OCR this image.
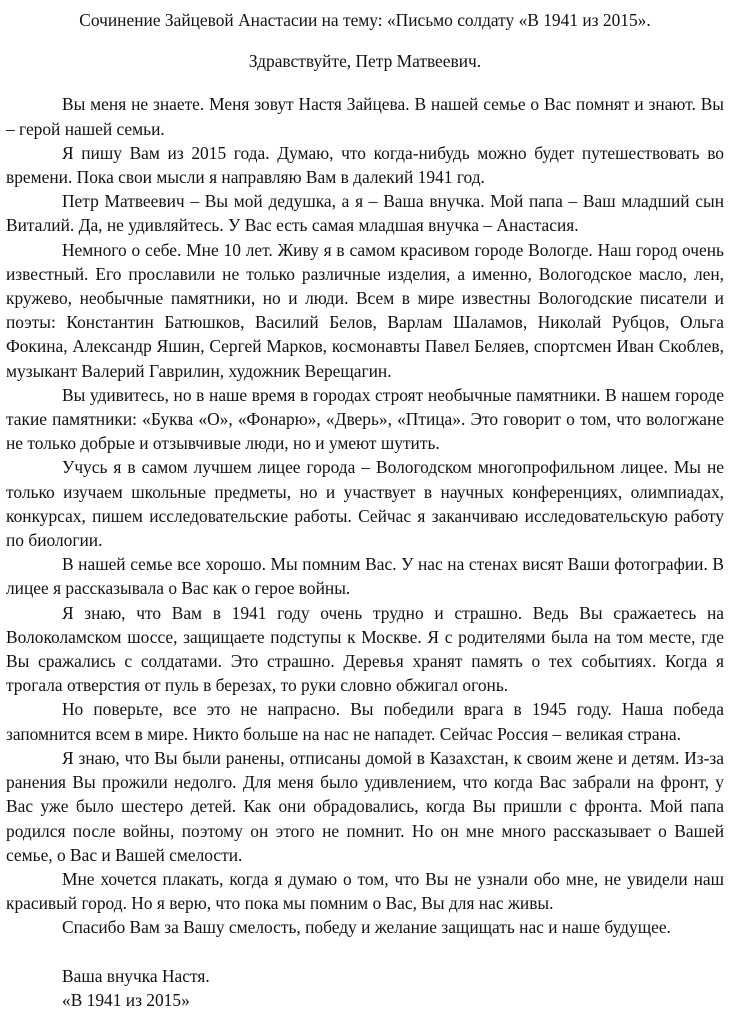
Сочинение Зайцевой Анастасии на тему: «Письмо солдату «В 1941 из 2015».

Здравствуйте, Петр Матвеевич.

Вы меня не знаете. Меня зовут Настя Зайцева. В нашей семье о Вас помнят и знают. Вы – герой нашей семьи.

Я пишу Вам из 2015 года. Думаю, что когда-нибудь можно будет путешествовать во времени. Пока свои мысли я направляю Вам в далекий 1941 год.

Петр Матвеевич – Вы мой дедушка, а я – Ваша внучка. Мой папа – Ваш младший сын Виталий. Да, не удивляйтесь. У Вас есть самая младшая внучка – Анастасия.

Немного о себе. Мне 10 лет. Живу я в самом красивом городе Вологде. Наш город очень известный. Его прославили не только различные изделия, а именно, Вологодское масло, лен, кружево, необычные памятники, но и люди. Всем в мире известны Вологодские писатели и поэты: Константин Батюшков, Василий Белов, Варлам Шаламов, Николай Рубцов, Ольга Фокина, Александр Яшин, Сергей Марков, космонавты Павел Беляев, спортсмен Иван Скоблев, музыкант Валерий Гаврилин, художник Верещагин.

Вы удивитесь, но в наше время в городах строят необычные памятники. В нашем городе такие памятники: «Буква «О», «Фонарю», «Дверь», «Птица». Это говорит о том, что вологжане не только добрые и отзывчивые люди, но и умеют шутить.

Учусь я в самом лучшем лицее города – Вологодском многопрофильном лицее. Мы не только изучаем школьные предметы, но и участвует в научных конференциях, олимпиадах, конкурсах, пишем исследовательские работы. Сейчас я заканчиваю исследовательскую работу по биологии.

В нашей семье все хорошо. Мы помним Вас. У нас на стенах висят Ваши фотографии. В лицее я рассказывала о Вас как о герое войны.

Я знаю, что Вам в 1941 году очень трудно и страшно. Ведь Вы сражаетесь на Волоколамском шоссе, защищаете подступы к Москве. Я с родителями была на том месте, где Вы сражались с солдатами. Это страшно. Деревья хранят память о тех событиях. Когда я трогала отверстия от пуль в березах, то руки словно обжигал огонь.

Но поверьте, все это не напрасно. Вы победили врага в 1945 году. Наша победа запомнится всем в мире. Никто больше на нас не нападет. Сейчас Россия – великая страна.

Я знаю, что Вы были ранены, отписаны домой в Казахстан, к своим жене и детям. Из-за ранения Вы прожили недолго. Для меня было удивлением, что когда Вас забрали на фронт, у Вас уже было шестеро детей. Как они обрадовались, когда Вы пришли с фронта. Мой папа родился после войны, поэтому он этого не помнит. Но он мне много рассказывает о Вашей семье, о Вас и Вашей смелости.

Мне хочется плакать, когда я думаю о том, что Вы не узнали обо мне, не увидели наш красивый город. Но я верю, что пока мы помним о Вас, Вы для нас живы.

Спасибо Вам за Вашу смелость, победу и желание защищать нас и наше будущее.

Ваша внучка Настя.

«В 1941 из 2015»
